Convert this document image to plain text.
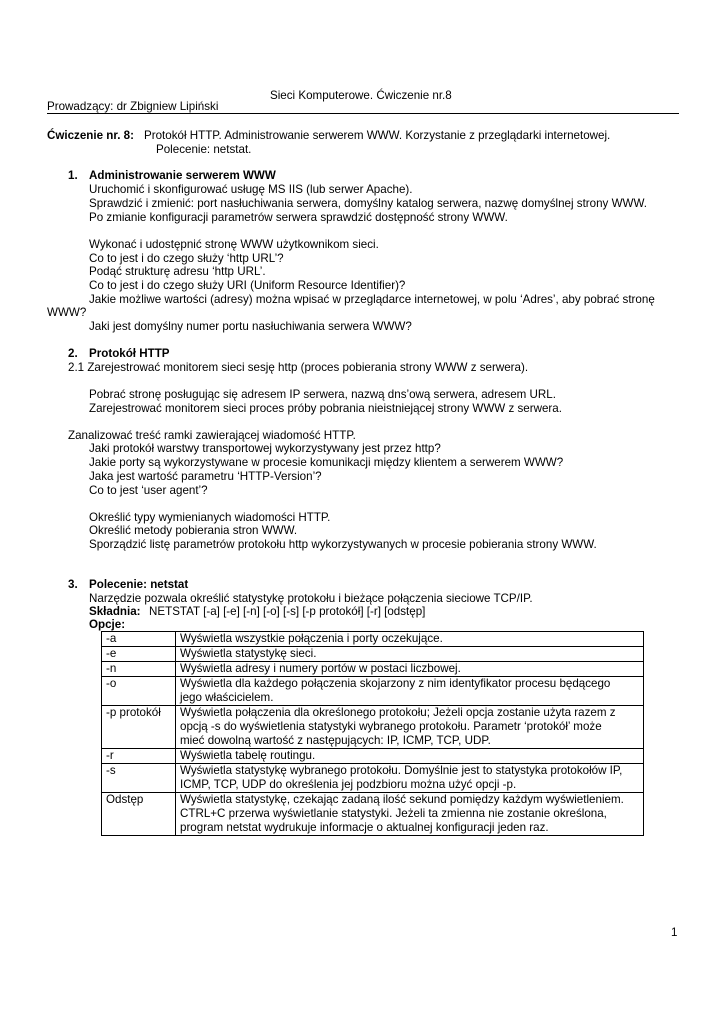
Sieci Komputerowe. Ćwiczenie nr.8
Prowadzący: dr Zbigniew Lipiński
Ćwiczenie nr. 8: Protokół HTTP. Administrowanie serwerem WWW. Korzystanie z przeglądarki internetowej.
Polecenie: netstat.
1. Administrowanie serwerem WWW
Uruchomić i skonfigurować usługę MS IIS (lub serwer Apache).
Sprawdzić i zmienić: port nasłuchiwania serwera, domyślny katalog serwera, nazwę domyślnej strony WWW.
Po zmianie konfiguracji parametrów serwera sprawdzić dostępność strony WWW.
Wykonać i udostępnić stronę WWW użytkownikom sieci.
Co to jest i do czego służy ‘http URL’?
Podąć strukturę adresu ‘http URL’.
Co to jest i do czego służy URI (Uniform Resource Identifier)?
Jakie możliwe wartości (adresy) można wpisać w przeglądarce internetowej, w polu ‘Adres’, aby pobrać stronę
WWW?
Jaki jest domyślny numer portu nasłuchiwania serwera WWW?
2. Protokół HTTP
2.1 Zarejestrować monitorem sieci sesję http (proces pobierania strony WWW z serwera).
Pobrać stronę posługując się adresem IP serwera, nazwą dns’ową serwera, adresem URL.
Zarejestrować monitorem sieci proces próby pobrania nieistniejącej strony WWW z serwera.
Zanalizować treść ramki zawierającej wiadomość HTTP.
Jaki protokół warstwy transportowej wykorzystywany jest przez http?
Jakie porty są wykorzystywane w procesie komunikacji między klientem a serwerem WWW?
Jaka jest wartość parametru ‘HTTP-Version’?
Co to jest ‘user agent’?
Określić typy wymienianych wiadomości HTTP.
Określić metody pobierania stron WWW.
Sporządzić listę parametrów protokołu http wykorzystywanych w procesie pobierania strony WWW.
3. Polecenie: netstat
Narzędzie pozwala określić statystykę protokołu i bieżące połączenia sieciowe TCP/IP.
Składnia: NETSTAT [-a] [-e] [-n] [-o] [-s] [-p protokół] [-r] [odstęp]
Opcje:
-a	Wyświetla wszystkie połączenia i porty oczekujące.

-e	Wyświetla statystykę sieci.

-n	Wyświetla adresy i numery portów w postaci liczbowej.

-o	Wyświetla dla każdego połączenia skojarzony z nim identyfikator procesu będącego
jego właścicielem.

-p protokół	Wyświetla połączenia dla określonego protokołu; Jeżeli opcja zostanie użyta razem z
opcją -s do wyświetlenia statystyki wybranego protokołu. Parametr ‘protokół’ może
mieć dowolną wartość z następujących: IP, ICMP, TCP, UDP.

-r	Wyświetla tabelę routingu.

-s	Wyświetla statystykę wybranego protokołu. Domyślnie jest to statystyka protokołów IP,
ICMP, TCP, UDP do określenia jej podzbioru można użyć opcji -p.

Odstęp	Wyświetla statystykę, czekając zadaną ilość sekund pomiędzy każdym wyświetleniem.
CTRL+C przerwa wyświetlanie statystyki. Jeżeli ta zmienna nie zostanie określona,
program netstat wydrukuje informacje o aktualnej konfiguracji jeden raz.
1
